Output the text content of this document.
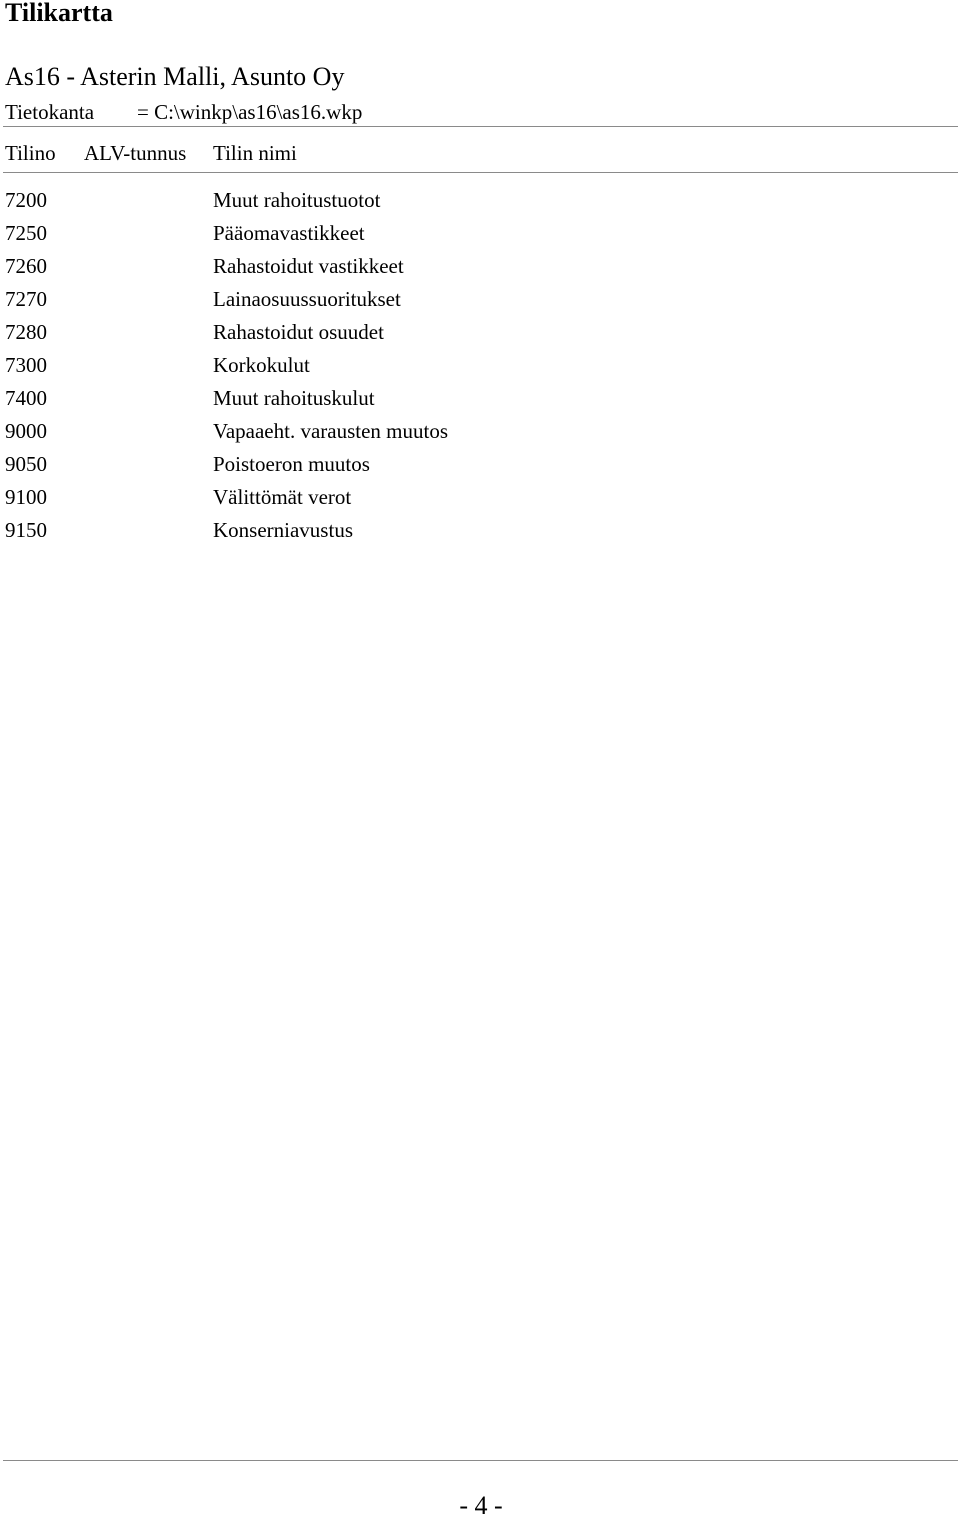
Tilikartta
As16 - Asterin Malli, Asunto Oy
Tietokanta = C:\winkp\as16\as16.wkp
Tilino ALV-tunnus Tilin nimi
7200	Muut rahoitustuotot
7250	Pääomavastikkeet
7260	Rahastoidut vastikkeet
7270	Lainaosuussuoritukset
7280	Rahastoidut osuudet
7300	Korkokulut
7400	Muut rahoituskulut
9000	Vapaaeht. varausten muutos
9050	Poistoeron muutos
9100	Välittömät verot
9150	Konserniavustus
- 4 -
